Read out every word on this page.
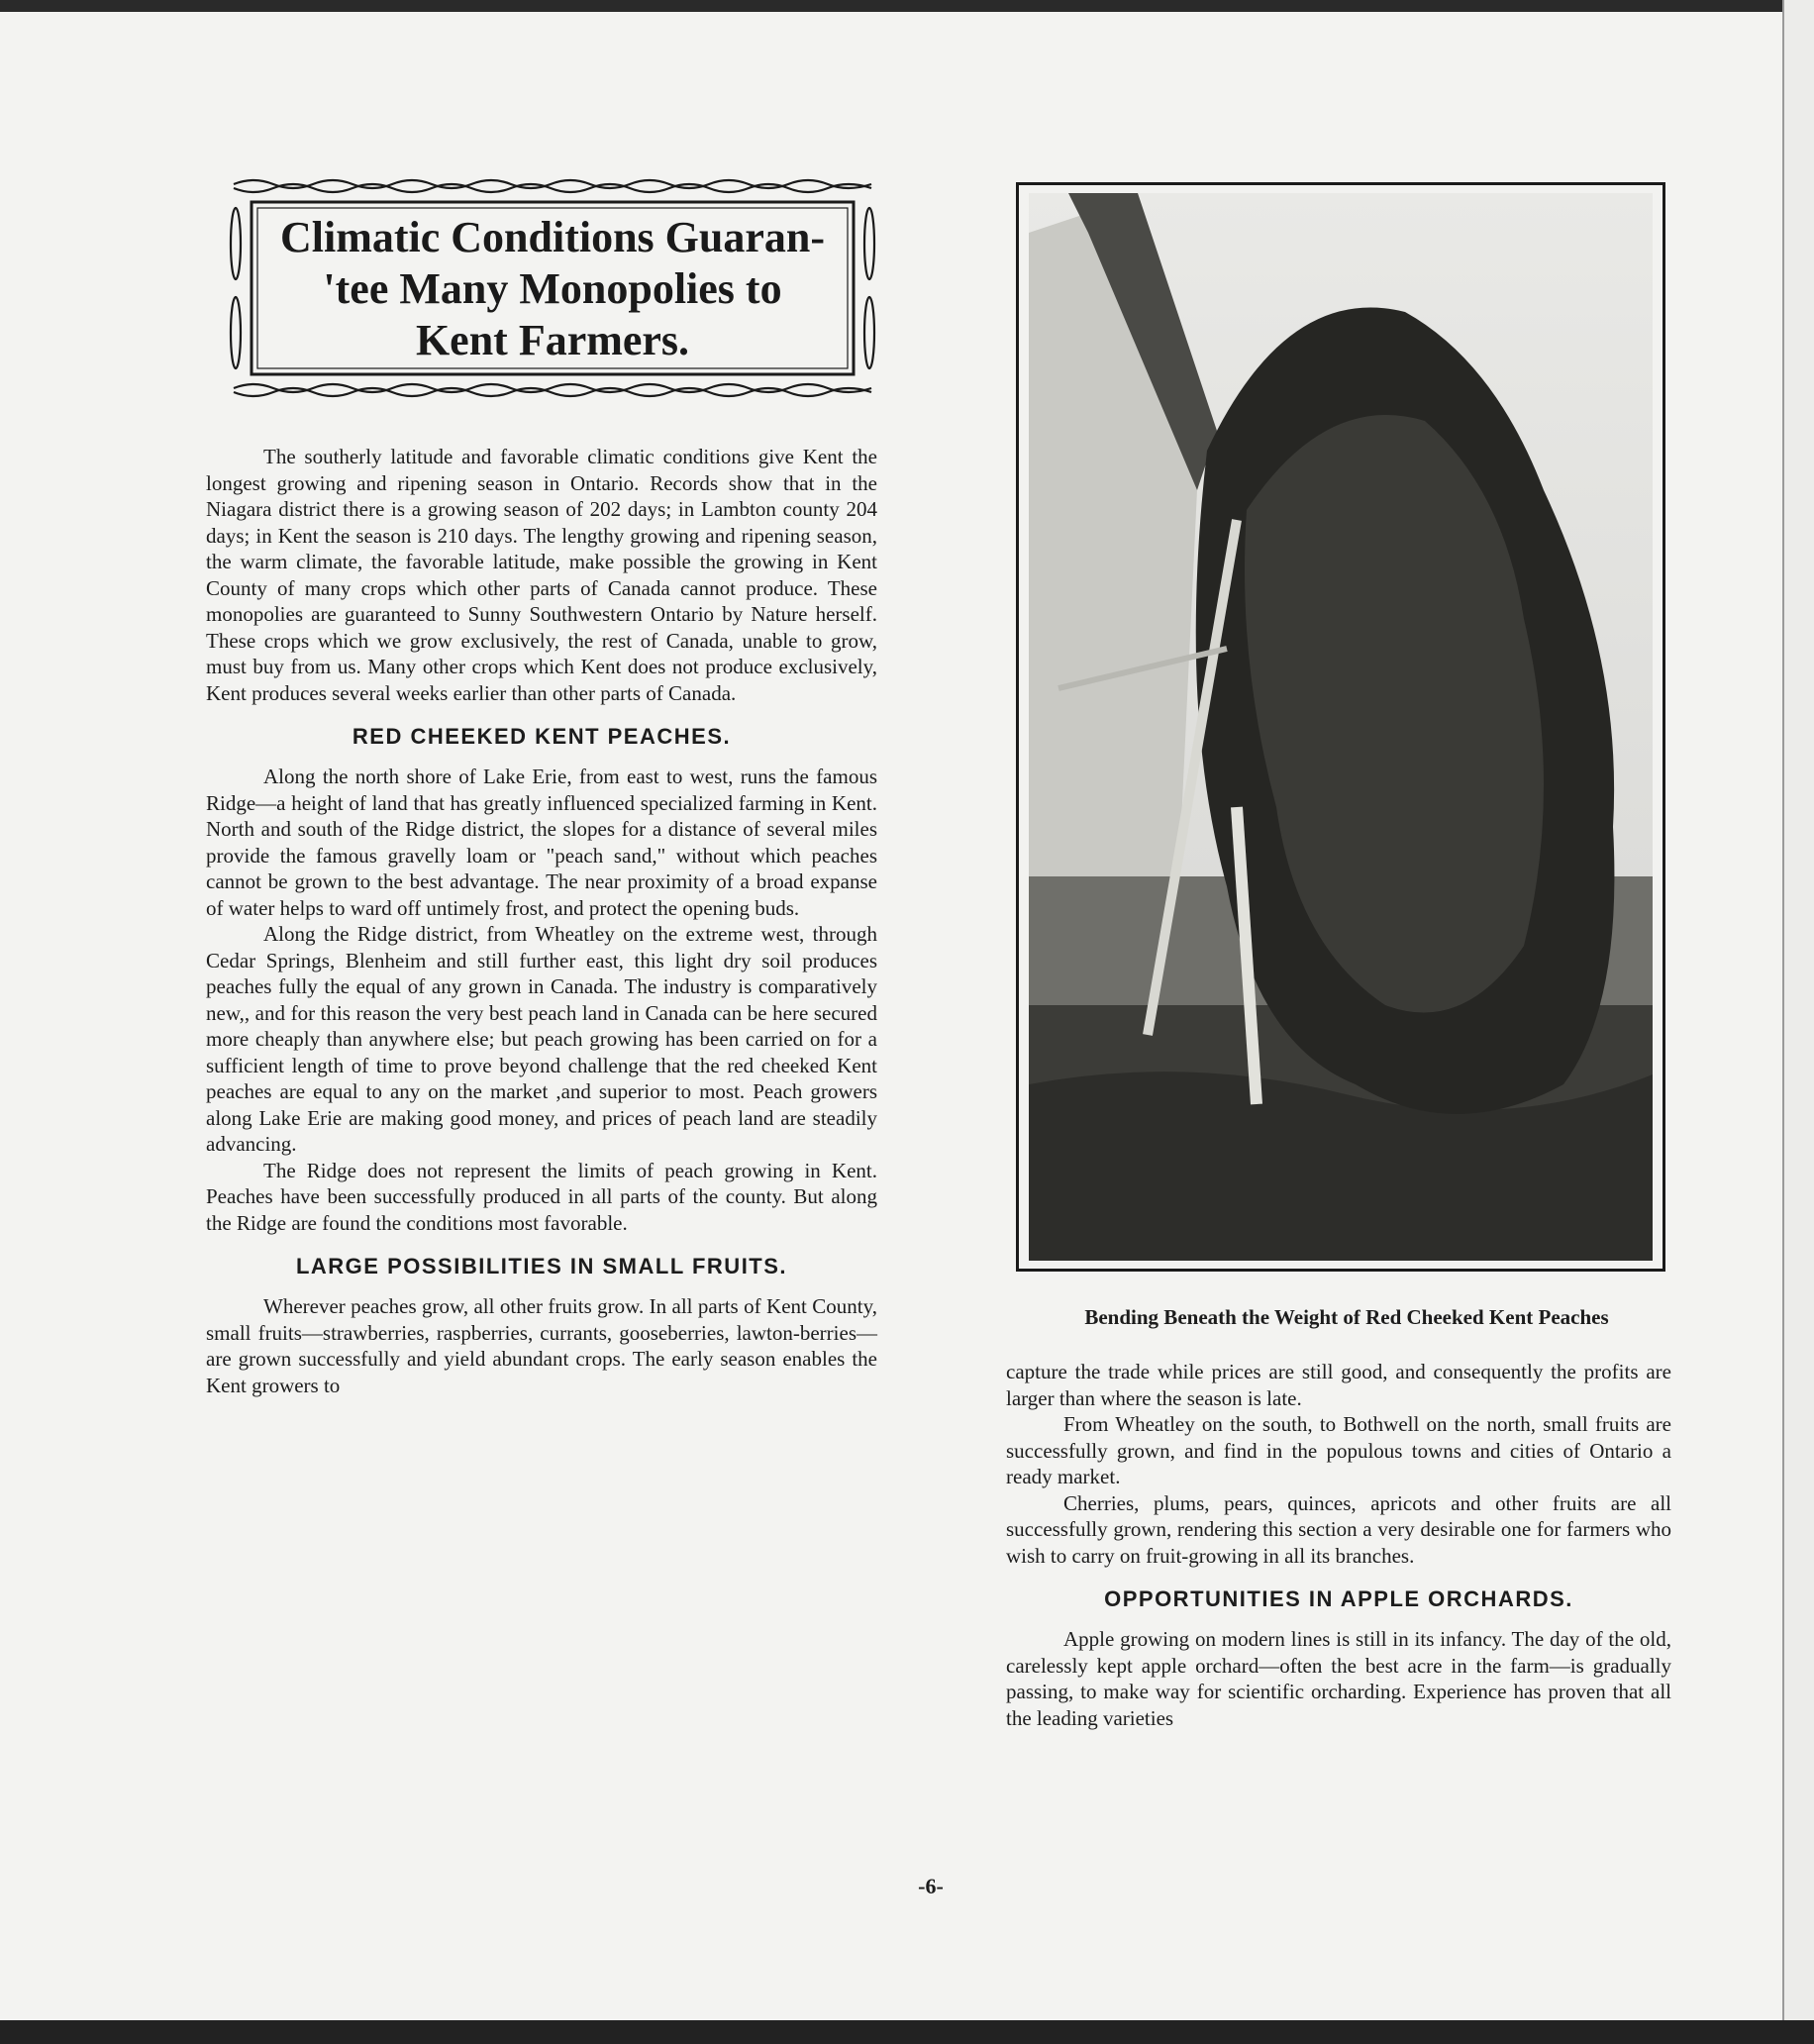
Climatic Conditions Guaran-
'tee Many Monopolies to
Kent Farmers.

The southerly latitude and favorable climatic conditions give Kent the longest growing and ripening season in Ontario. Records show that in the Niagara district there is a growing season of 202 days; in Lambton county 204 days; in Kent the season is 210 days. The lengthy growing and ripening season, the warm climate, the favorable latitude, make possible the growing in Kent County of many crops which other parts of Canada cannot produce. These monopolies are guaranteed to Sunny Southwestern Ontario by Nature herself. These crops which we grow exclusively, the rest of Canada, unable to grow, must buy from us. Many other crops which Kent does not produce exclusively, Kent produces several weeks earlier than other parts of Canada.

RED CHEEKED KENT PEACHES.

Along the north shore of Lake Erie, from east to west, runs the famous Ridge—a height of land that has greatly influenced specialized farming in Kent. North and south of the Ridge district, the slopes for a distance of several miles provide the famous gravelly loam or "peach sand," without which peaches cannot be grown to the best advantage. The near proximity of a broad expanse of water helps to ward off untimely frost, and protect the opening buds.

Along the Ridge district, from Wheatley on the extreme west, through Cedar Springs, Blenheim and still further east, this light dry soil produces peaches fully the equal of any grown in Canada. The industry is comparatively new,, and for this reason the very best peach land in Canada can be here secured more cheaply than anywhere else; but peach growing has been carried on for a sufficient length of time to prove beyond challenge that the red cheeked Kent peaches are equal to any on the market ,and superior to most. Peach growers along Lake Erie are making good money, and prices of peach land are steadily advancing.

The Ridge does not represent the limits of peach growing in Kent. Peaches have been successfully produced in all parts of the county. But along the Ridge are found the conditions most favorable.

LARGE POSSIBILITIES IN SMALL FRUITS.

Wherever peaches grow, all other fruits grow. In all parts of Kent County, small fruits—strawberries, raspberries, currants, gooseberries, lawton-berries—are grown successfully and yield abundant crops. The early season enables the Kent growers to

Bending Beneath the Weight of Red Cheeked Kent Peaches

capture the trade while prices are still good, and consequently the profits are larger than where the season is late.

From Wheatley on the south, to Bothwell on the north, small fruits are successfully grown, and find in the populous towns and cities of Ontario a ready market.

Cherries, plums, pears, quinces, apricots and other fruits are all successfully grown, rendering this section a very desirable one for farmers who wish to carry on fruit-growing in all its branches.

OPPORTUNITIES IN APPLE ORCHARDS.

Apple growing on modern lines is still in its infancy. The day of the old, carelessly kept apple orchard—often the best acre in the farm—is gradually passing, to make way for scientific orcharding. Experience has proven that all the leading varieties

-6-
